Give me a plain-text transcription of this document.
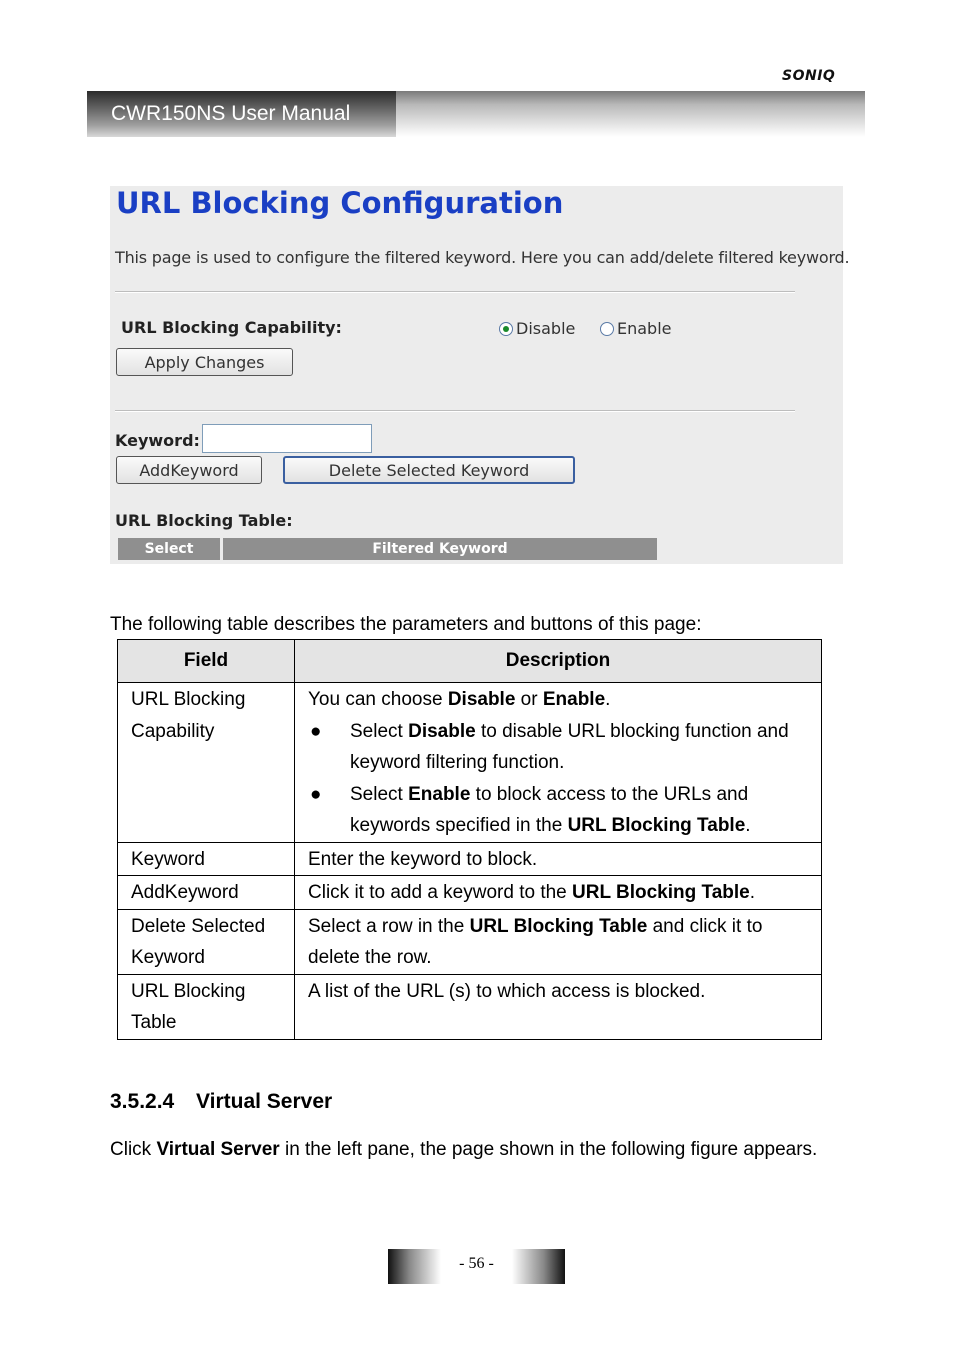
SONIQ
CWR150NS User Manual
URL Blocking Configuration
This page is used to configure the filtered keyword. Here you can add/delete filtered keyword.
URL Blocking Capability:	Disable	Enable
Apply Changes
Keyword:
AddKeyword	Delete Selected Keyword
URL Blocking Table:
Select	Filtered Keyword
The following table describes the parameters and buttons of this page:
Field	Description
URL Blocking Capability	You can choose Disable or Enable.
● Select Disable to disable URL blocking function and keyword filtering function.
● Select Enable to block access to the URLs and keywords specified in the URL Blocking Table.

Keyword	Enter the keyword to block.
AddKeyword	Click it to add a keyword to the URL Blocking Table.
Delete Selected Keyword	Select a row in the URL Blocking Table and click it to delete the row.
URL Blocking Table	A list of the URL (s) to which access is blocked.
3.5.2.4 Virtual Server
Click Virtual Server in the left pane, the page shown in the following figure appears.
- 56 -
